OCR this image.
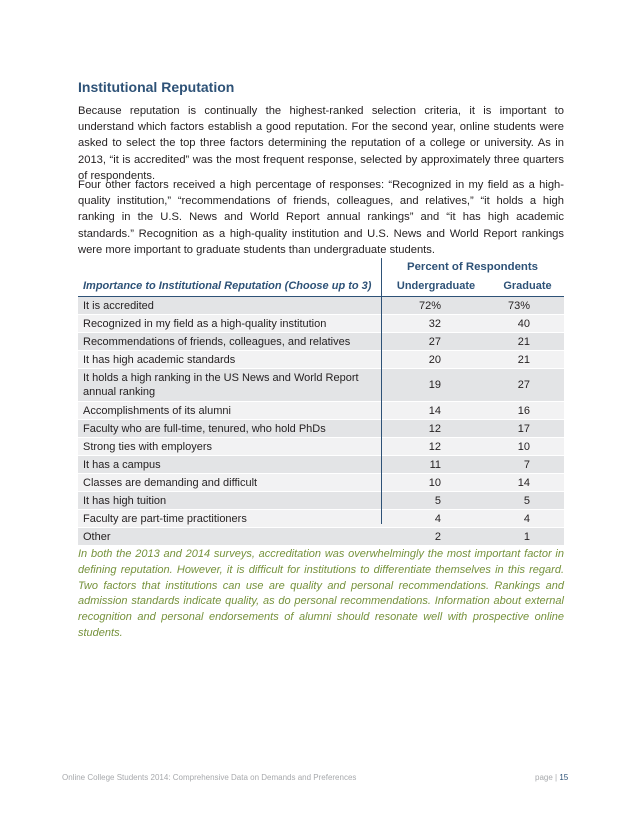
Institutional Reputation

Because reputation is continually the highest-ranked selection criteria, it is important to understand which factors establish a good reputation. For the second year, online students were asked to select the top three factors determining the reputation of a college or university. As in 2013, “it is accredited” was the most frequent response, selected by approximately three quarters of respondents.

Four other factors received a high percentage of responses: “Recognized in my field as a high-quality institution,” “recommendations of friends, colleagues, and relatives,” “it holds a high ranking in the U.S. News and World Report annual rankings” and “it has high academic standards.” Recognition as a high-quality institution and U.S. News and World Report rankings were more important to graduate students than undergraduate students.

Percent of Respondents
Importance to Institutional Reputation (Choose up to 3)	Undergraduate	Graduate
It is accredited	72%	73%
Recognized in my field as a high-quality institution	32	40
Recommendations of friends, colleagues, and relatives	27	21
It has high academic standards	20	21
It holds a high ranking in the US News and World Report annual ranking	19	27
Accomplishments of its alumni	14	16
Faculty who are full-time, tenured, who hold PhDs	12	17
Strong ties with employers	12	10
It has a campus	11	7
Classes are demanding and difficult	10	14
It has high tuition	5	5
Faculty are part-time practitioners	4	4
Other	2	1

In both the 2013 and 2014 surveys, accreditation was overwhelmingly the most important factor in defining reputation. However, it is difficult for institutions to differentiate themselves in this regard. Two factors that institutions can use are quality and personal recommendations. Rankings and admission standards indicate quality, as do personal recommendations. Information about external recognition and personal endorsements of alumni should resonate well with prospective online students.

Online College Students 2014: Comprehensive Data on Demands and Preferences	page | 15
